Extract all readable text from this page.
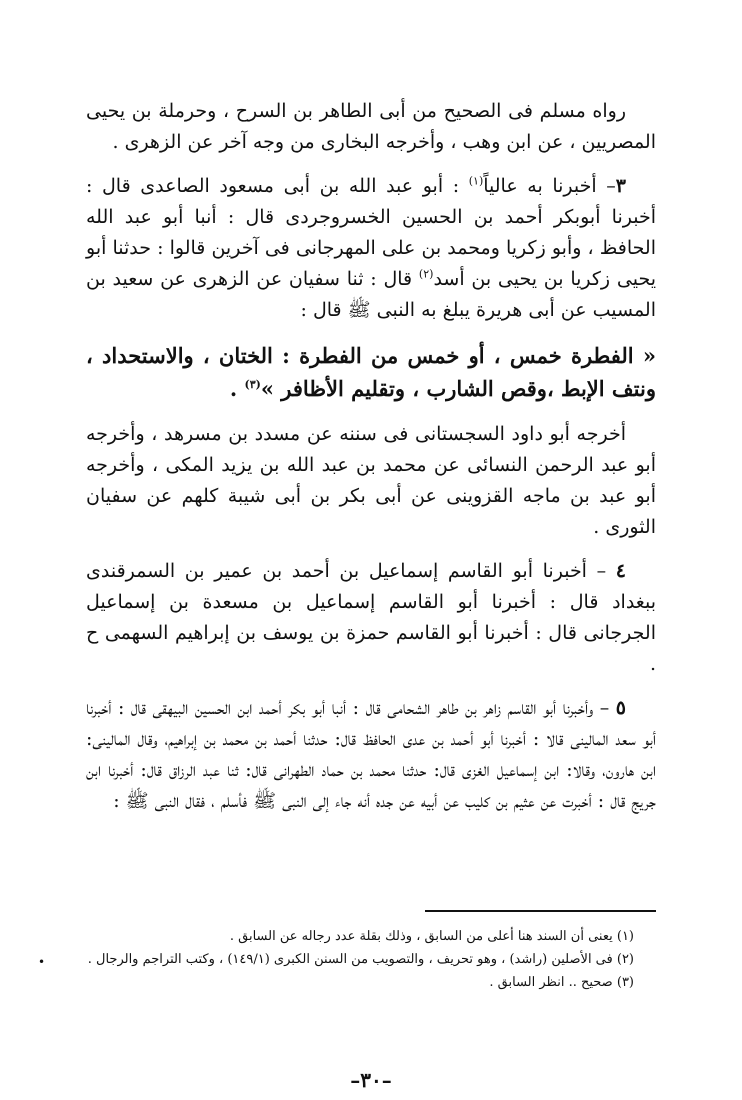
رواه مسلم فى الصحيح من أبى الطاهر بن السرح ، وحرملة بن يحيى المصريين ، عن ابن وهب ، وأخرجه البخارى من وجه آخر عن الزهرى .

٣– أخبرنا به عالياً$^{(١)}$ : أبو عبد الله بن أبى مسعود الصاعدى قال : أخبرنا أبوبكر أحمد بن الحسين الخسروجردى قال : أنبا أبو عبد الله الحافظ ، وأبو زكريا ومحمد بن على المهرجانى فى آخرين قالوا : حدثنا أبو يحيى زكريا بن يحيى بن أسد$^{(٢)}$ قال : ثنا سفيان عن الزهرى عن سعيد بن المسيب عن أبى هريرة يبلغ به النبى ﷺ قال :

« الفطرة خمس ، أو خمس من الفطرة : الختان ، والاستحداد ، ونتف الإبط ،وقص الشارب ، وتقليم الأظافر »$^{(٣)}$ .

أخرجه أبو داود السجستانى فى سننه عن مسدد بن مسرهد ، وأخرجه أبو عبد الرحمن النسائى عن محمد بن عبد الله بن يزيد المكى ، وأخرجه أبو عبد بن ماجه القزوينى عن أبى بكر بن أبى شيبة كلهم عن سفيان الثورى .

٤ – أخبرنا أبو القاسم إسماعيل بن أحمد بن عمير بن السمرقندى ببغداد قال : أخبرنا أبو القاسم إسماعيل بن مسعدة بن إسماعيل الجرجانى قال : أخبرنا أبو القاسم حمزة بن يوسف بن إبراهيم السهمى ح .

٥ – وأخبرنا أبو القاسم زاهر بن طاهر الشحامى قال : أنبا أبو بكر أحمد ابن الحسين البيهقى قال : أخبرنا أبو سعد المالينى قالا : أخبرنا أبو أحمد بن عدى الحافظ قال: حدثنا أحمد بن محمد بن إبراهيم، وقال المالينى: ابن هارون، وقالا: ابن إسماعيل الغزى قال: حدثنا محمد بن حماد الطهرانى قال: ثنا عبد الرزاق قال: أخبرنا ابن جريج قال : أخبرت عن عثيم بن كليب عن أبيه عن جده أنه جاء إلى النبى ﷺ فأسلم ، فقال النبى ﷺ :

(١) يعنى أن السند هنا أعلى من السابق ، وذلك بقلة عدد رجاله عن السابق .

(٢) فى الأصلين (راشد) ، وهو تحريف ، والتصويب من السنن الكبرى (١٤٩/١) ، وكتب التراجم والرجال .

(٣) صحيح .. انظر السابق .

•
–٣٠–
